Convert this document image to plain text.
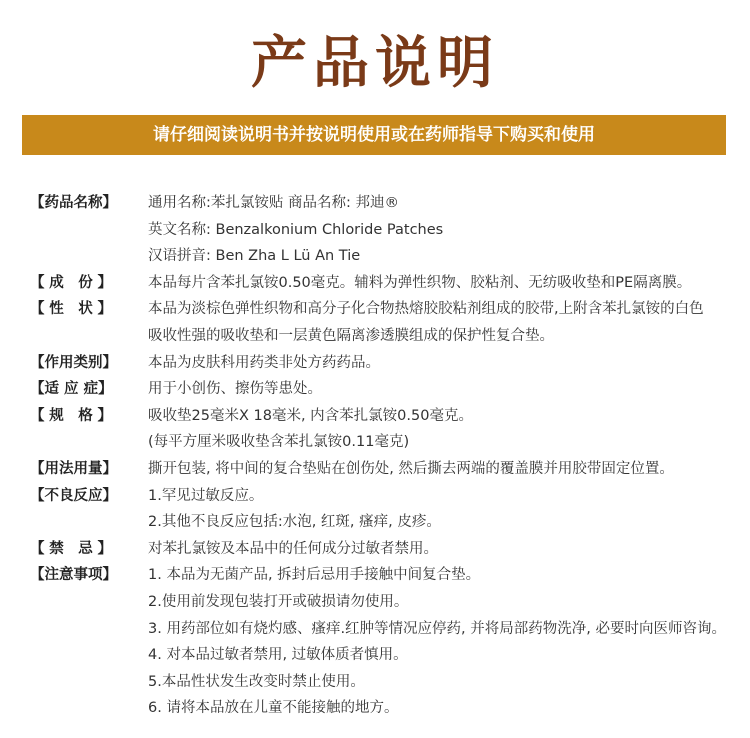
产品说明
请仔细阅读说明书并按说明使用或在药师指导下购买和使用
【药品名称】 通用名称:苯扎氯铵贴 商品名称: 邦迪®
英文名称: Benzalkonium Chloride Patches
汉语拼音: Ben Zha L Lü An Tie
【成 份】 本品每片含苯扎氯铵0.50毫克。辅料为弹性织物、胶粘剂、无纺吸收垫和PE隔离膜。
【性 状】 本品为淡棕色弹性织物和高分子化合物热熔胶胶粘剂组成的胶带,上附含苯扎氯铵的白色
吸收性强的吸收垫和一层黄色隔离渗透膜组成的保护性复合垫。
【作用类别】 本品为皮肤科用药类非处方药药品。
【适 应 症】 用于小创伤、擦伤等患处。
【规 格】 吸收垫25毫米X 18毫米, 内含苯扎氯铵0.50毫克。
(每平方厘米吸收垫含苯扎氯铵0.11毫克)
【用法用量】 撕开包装, 将中间的复合垫贴在创伤处, 然后撕去两端的覆盖膜并用胶带固定位置。
【不良反应】 1.罕见过敏反应。
2.其他不良反应包括:水泡, 红斑, 瘙痒, 皮疹。
【禁 忌】 对苯扎氯铵及本品中的任何成分过敏者禁用。
【注意事项】 1. 本品为无菌产品, 拆封后忌用手接触中间复合垫。
2.使用前发现包装打开或破损请勿使用。
3. 用药部位如有烧灼感、瘙痒.红肿等情况应停药, 并将局部药物洗净, 必要时向医师咨询。
4. 对本品过敏者禁用, 过敏体质者慎用。
5.本品性状发生改变时禁止使用。
6. 请将本品放在儿童不能接触的地方。
